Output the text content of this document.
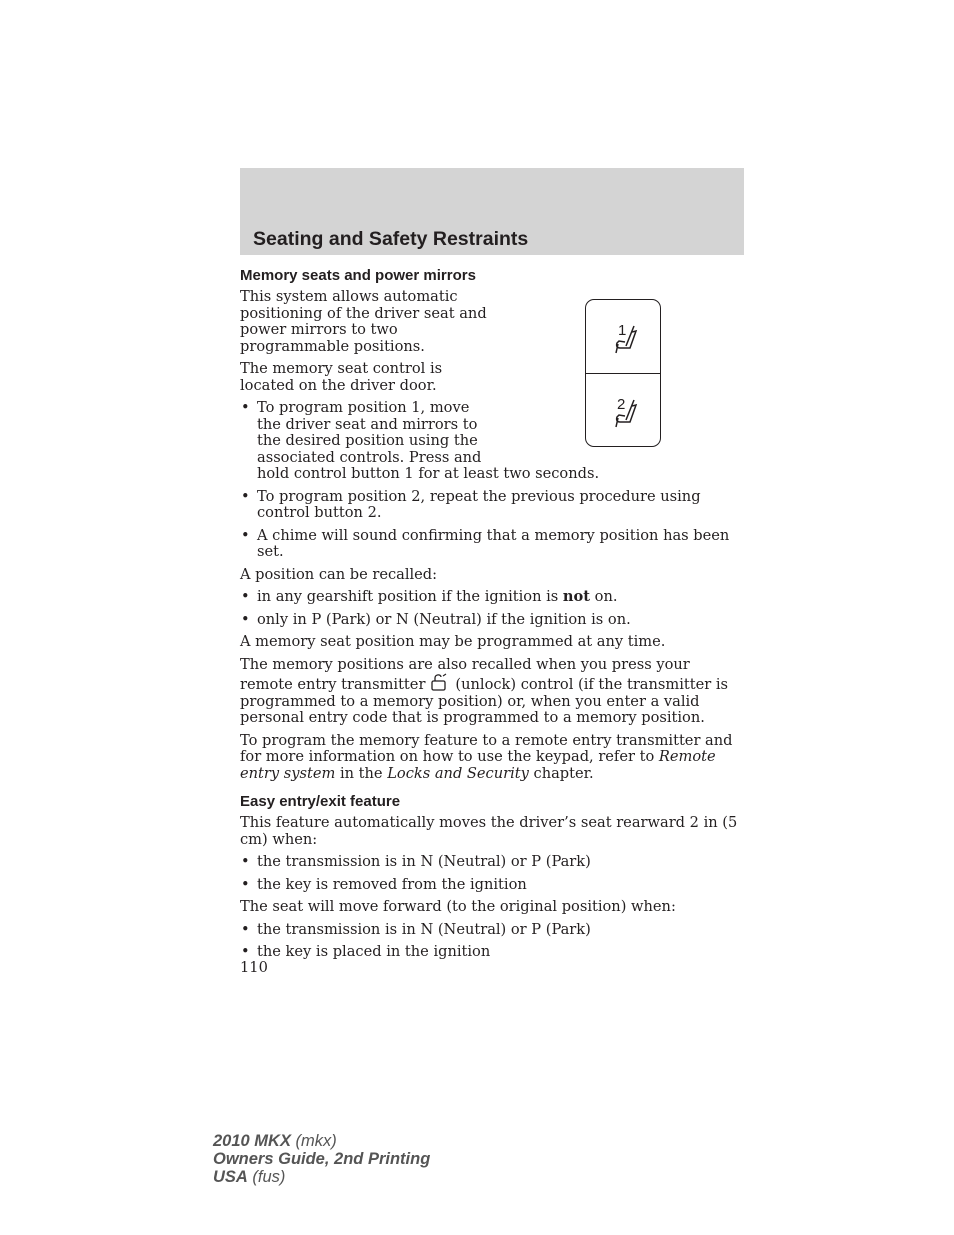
Seating and Safety Restraints
1
2
Memory seats and power mirrors

This system allows automatic positioning of the driver seat and power mirrors to two programmable positions.

The memory seat control is located on the driver door.

• To program position 1, move the driver seat and mirrors to the desired position using the associated controls. Press and
hold control button 1 for at least two seconds.
• To program position 2, repeat the previous procedure using control button 2.
• A chime will sound confirming that a memory position has been set.

A position can be recalled:

• in any gearshift position if the ignition is not on.
• only in P (Park) or N (Neutral) if the ignition is on.

A memory seat position may be programmed at any time.

The memory positions are also recalled when you press your remote entry transmitter (unlock) control (if the transmitter is programmed to a memory position) or, when you enter a valid personal entry code that is programmed to a memory position.

To program the memory feature to a remote entry transmitter and for more information on how to use the keypad, refer to Remote entry system in the Locks and Security chapter.

Easy entry/exit feature

This feature automatically moves the driver’s seat rearward 2 in (5 cm) when:

• the transmission is in N (Neutral) or P (Park)
• the key is removed from the ignition

The seat will move forward (to the original position) when:

• the transmission is in N (Neutral) or P (Park)
• the key is placed in the ignition
110
2010 MKX (mkx)
Owners Guide, 2nd Printing
USA (fus)
